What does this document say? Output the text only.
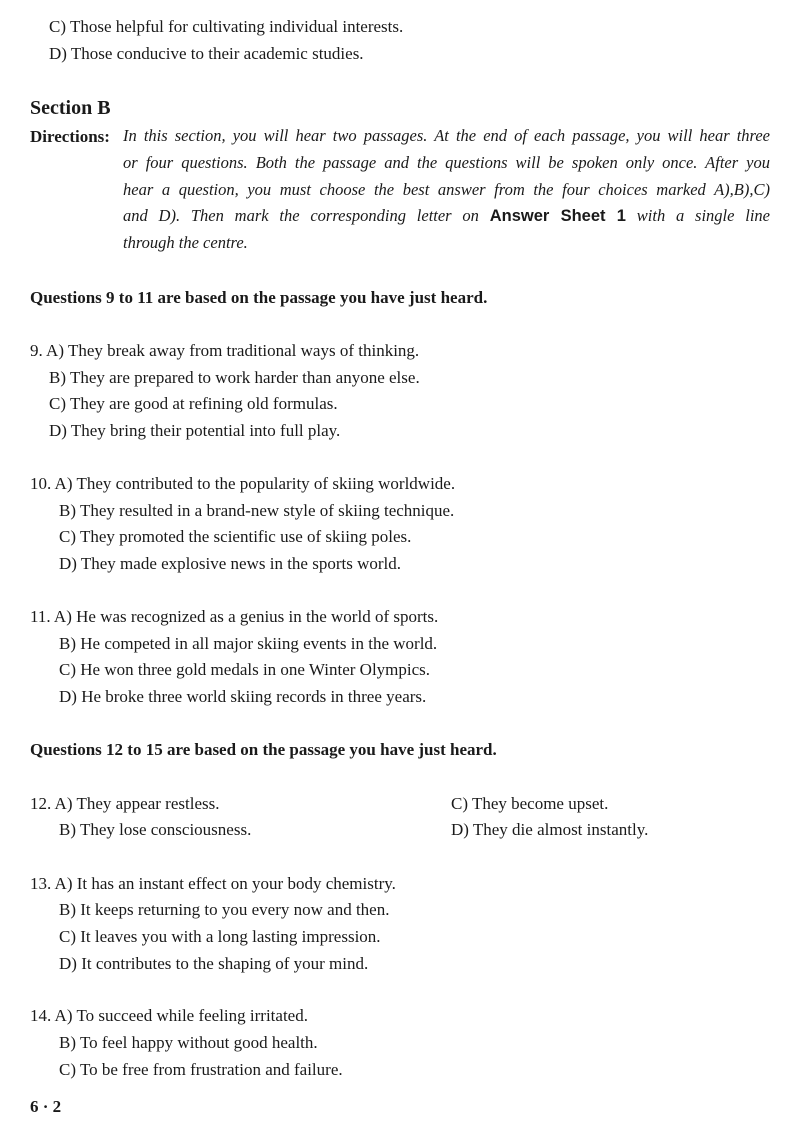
C) Those helpful for cultivating individual interests.
D) Those conducive to their academic studies.
Section B
Directions: In this section, you will hear two passages. At the end of each passage, you will hear three
or four questions. Both the passage and the questions will be spoken only once. After you
hear a question, you must choose the best answer from the four choices marked A),B),C)
and D). Then mark the corresponding letter on Answer Sheet 1 with a single line
through the centre.
Questions 9 to 11 are based on the passage you have just heard.
9. A) They break away from traditional ways of thinking.
B) They are prepared to work harder than anyone else.
C) They are good at refining old formulas.
D) They bring their potential into full play.
10. A) They contributed to the popularity of skiing worldwide.
B) They resulted in a brand-new style of skiing technique.
C) They promoted the scientific use of skiing poles.
D) They made explosive news in the sports world.
11. A) He was recognized as a genius in the world of sports.
B) He competed in all major skiing events in the world.
C) He won three gold medals in one Winter Olympics.
D) He broke three world skiing records in three years.
Questions 12 to 15 are based on the passage you have just heard.
12. A) They appear restless.	C) They become upset.
B) They lose consciousness.	D) They die almost instantly.
13. A) It has an instant effect on your body chemistry.
B) It keeps returning to you every now and then.
C) It leaves you with a long lasting impression.
D) It contributes to the shaping of your mind.
14. A) To succeed while feeling irritated.
B) To feel happy without good health.
C) To be free from frustration and failure.
6 · 2
